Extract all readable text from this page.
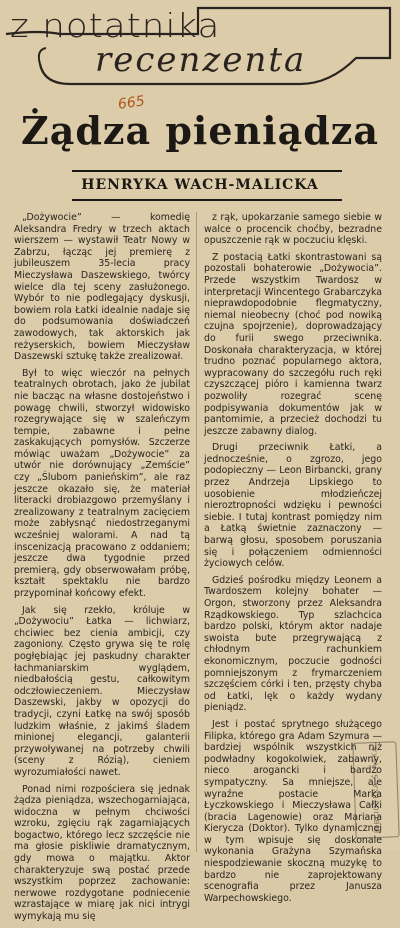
z notatnika
recenzenta
665
Żądza pieniądza
HENRYKA WACH-MALICKA

„Dożywocie” — komedię Aleksandra Fredry w trzech aktach wierszem — wystawił Teatr Nowy w Zabrzu, łącząc jej premierę z jubileuszem 35-lecia pracy Mieczysława Daszewskiego, twórcy wielce dla tej sceny zasłużonego. Wybór to nie podlegający dyskusji, bowiem rola Łatki idealnie nadaje się do podsumowania doświadczeń zawodowych, tak aktorskich jak reżyserskich, bowiem Mieczysław Daszewski sztukę także zrealizował.

Był to więc wieczór na pełnych teatralnych obrotach, jako że jubilat nie bacząc na własne dostojeństwo i powagę chwili, stworzył widowisko rozegrywające się w szaleńczym tempie, zabawne i pełne zaskakujących pomysłów. Szczerze mówiąc uważam „Dożywocie” za utwór nie dorównujący „Zemście” czy „Ślubom panieńskim”, ale raz jeszcze okazało się, że materiał literacki drobiazgowo przemyślany i zrealizowany z teatralnym zacięciem może zabłysnąć niedostrzeganymi wcześniej walorami. A nad tą inscenizacją pracowano z oddaniem; jeszcze dwa tygodnie przed premierą, gdy obserwowałam próbę, kształt spektaklu nie bardzo przypominał końcowy efekt.

Jak się rzekło, króluje w „Dożywociu” Łatka — lichwiarz, chciwiec bez cienia ambicji, czy zagoniony. Często grywa się te rolę pogłębiając jej paskudny charakter łachmaniarskim wyglądem, niedbałością gestu, całkowitym odczłowieczeniem. Mieczysław Daszewski, jakby w opozycji do tradycji, czyni Łatkę na swój sposób ludzkim właśnie, z jakimś śladem minionej elegancji, galanterii przywoływanej na potrzeby chwili (sceny z Rózią), cieniem wyrozumiałości nawet.

Ponad nimi rozpościera się jednak żądza pieniądza, wszechogarniająca, widoczna w pełnym chciwości wzroku, zgięciu rąk zagarniających bogactwo, którego lecz szczęście nie ma głosie piskliwie dramatycznym, gdy mowa o majątku. Aktor charakteryzuje swą postać przede wszystkim poprzez zachowanie: nerwowe rozdygotane podniecenie wzrastające w miarę jak nici intrygi wymykają mu się

z rąk, upokarzanie samego siebie w walce o procencik choćby, bezradne opuszczenie rąk w poczuciu klęski.

Z postacią Łatki skontrastowani są pozostali bohaterowie „Dożywocia”. Przede wszystkim Twardosz w interpretacji Wincentego Grabarczyka nieprawdopodobnie flegmatyczny, niemal nieobecny (choć pod nowiką czujna spojrzenie), doprowadzający do furii swego przeciwnika. Doskonała charakteryzacja, w której trudno poznać popularnego aktora, wypracowany do szczegółu ruch ręki czyszczącej pióro i kamienna twarz pozwoliły rozegrać scenę podpisywania dokumentów jak w pantomimie, a przecież dochodzi tu jeszcze zabawny dialog.

Drugi przeciwnik Łatki, a jednocześnie, o zgrozo, jego podopieczny — Leon Birbancki, grany przez Andrzeja Lipskiego to uosobienie młodzieńczej nieroztropności wdzięku i pewności siebie. I tutaj kontrast pomiędzy nim a Łatką świetnie zaznaczony — barwą głosu, sposobem poruszania się i połączeniem odmienności życiowych celów.

Gdzieś pośrodku między Leonem a Twardoszem kolejny bohater — Orgon, stworzony przez Aleksandra Rządkowskiego. Typ szlachcica bardzo polski, którym aktor nadaje swoista bute przegrywającą z chłodnym rachunkiem ekonomicznym, poczucie godności pomniejszonym z frymarczeniem szczęściem córki i ten, przęsty chyba od Łatki, lęk o każdy wydany pieniądz.

Jest i postać sprytnego służącego Filipka, którego gra Adam Szymura — bardziej wspólnik wszystkich niż podwładny kogokolwiek, zabawny, nieco arogancki i bardzo sympatyczny. Sa mniejsze, ale wyraźne postacie Marka Łyczkowskiego i Mieczysława Całki (bracia Lagenowie) oraz Mariana Kierycza (Doktor). Tylko dynamicznej w tym wpisuje się doskonale wykonania Grażyna Szymańska niespodziewanie skoczną muzykę to bardzo nie zaprojektowany scenografia przez Janusza Warpechowskiego.

BIBLIOTEKA ŚLĄSKA
